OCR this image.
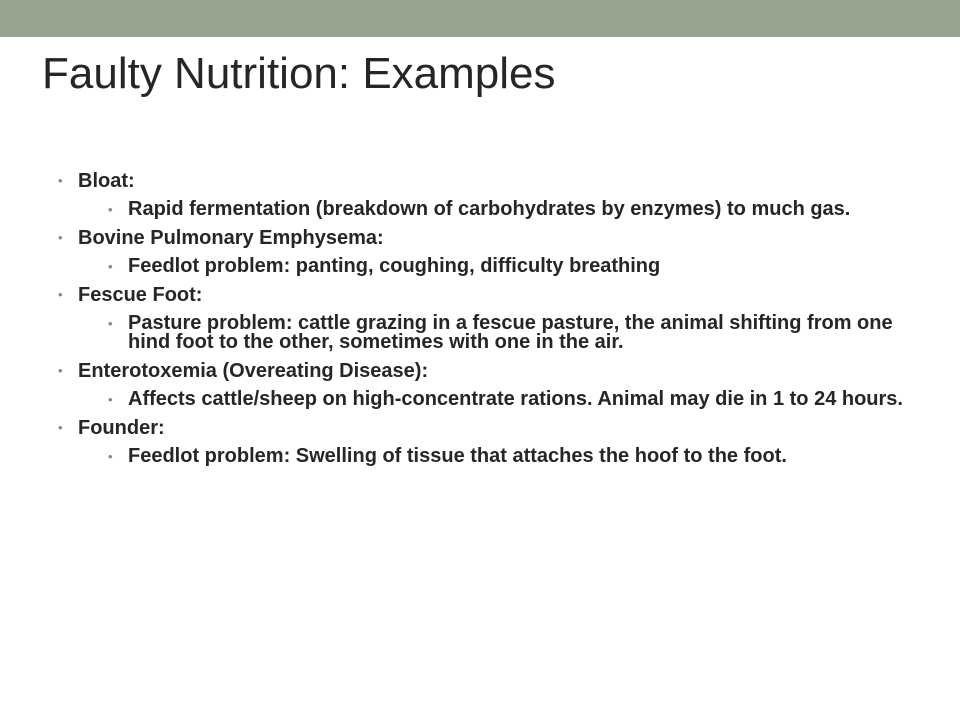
Faulty Nutrition: Examples
• Bloat:
• Rapid fermentation (breakdown of carbohydrates by enzymes) to much gas.
• Bovine Pulmonary Emphysema:
• Feedlot problem: panting, coughing, difficulty breathing
• Fescue Foot:
• Pasture problem: cattle grazing in a fescue pasture, the animal shifting from one hind foot to the other, sometimes with one in the air.
• Enterotoxemia (Overeating Disease):
• Affects cattle/sheep on high-concentrate rations. Animal may die in 1 to 24 hours.
• Founder:
• Feedlot problem: Swelling of tissue that attaches the hoof to the foot.
